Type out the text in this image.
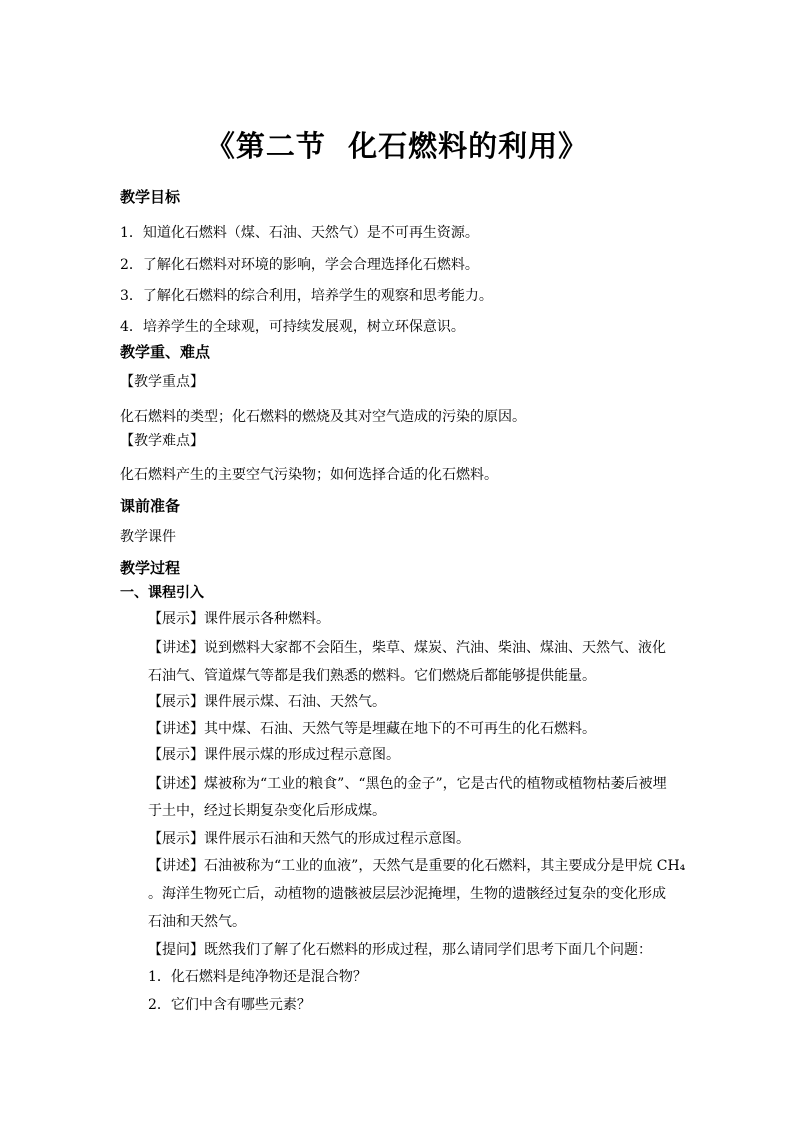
《第二节  化石燃料的利用》
教学目标
1．知道化石燃料（煤、石油、天然气）是不可再生资源。
2．了解化石燃料对环境的影响，学会合理选择化石燃料。
3．了解化石燃料的综合利用，培养学生的观察和思考能力。
4．培养学生的全球观，可持续发展观，树立环保意识。
教学重、难点
【教学重点】
化石燃料的类型；化石燃料的燃烧及其对空气造成的污染的原因。
【教学难点】
化石燃料产生的主要空气污染物；如何选择合适的化石燃料。
课前准备
教学课件
教学过程
一、课程引入
【展示】课件展示各种燃料。
【讲述】说到燃料大家都不会陌生，柴草、煤炭、汽油、柴油、煤油、天然气、液化
石油气、管道煤气等都是我们熟悉的燃料。它们燃烧后都能够提供能量。
【展示】课件展示煤、石油、天然气。
【讲述】其中煤、石油、天然气等是埋藏在地下的不可再生的化石燃料。
【展示】课件展示煤的形成过程示意图。
【讲述】煤被称为“工业的粮食”、“黑色的金子”，它是古代的植物或植物枯萎后被埋
于土中，经过长期复杂变化后形成煤。
【展示】课件展示石油和天然气的形成过程示意图。
【讲述】石油被称为“工业的血液”，天然气是重要的化石燃料，其主要成分是甲烷 CH₄
。海洋生物死亡后，动植物的遗骸被层层沙泥掩埋，生物的遗骸经过复杂的变化形成
石油和天然气。
【提问】既然我们了解了化石燃料的形成过程，那么请同学们思考下面几个问题：
1．化石燃料是纯净物还是混合物？
2．它们中含有哪些元素？
